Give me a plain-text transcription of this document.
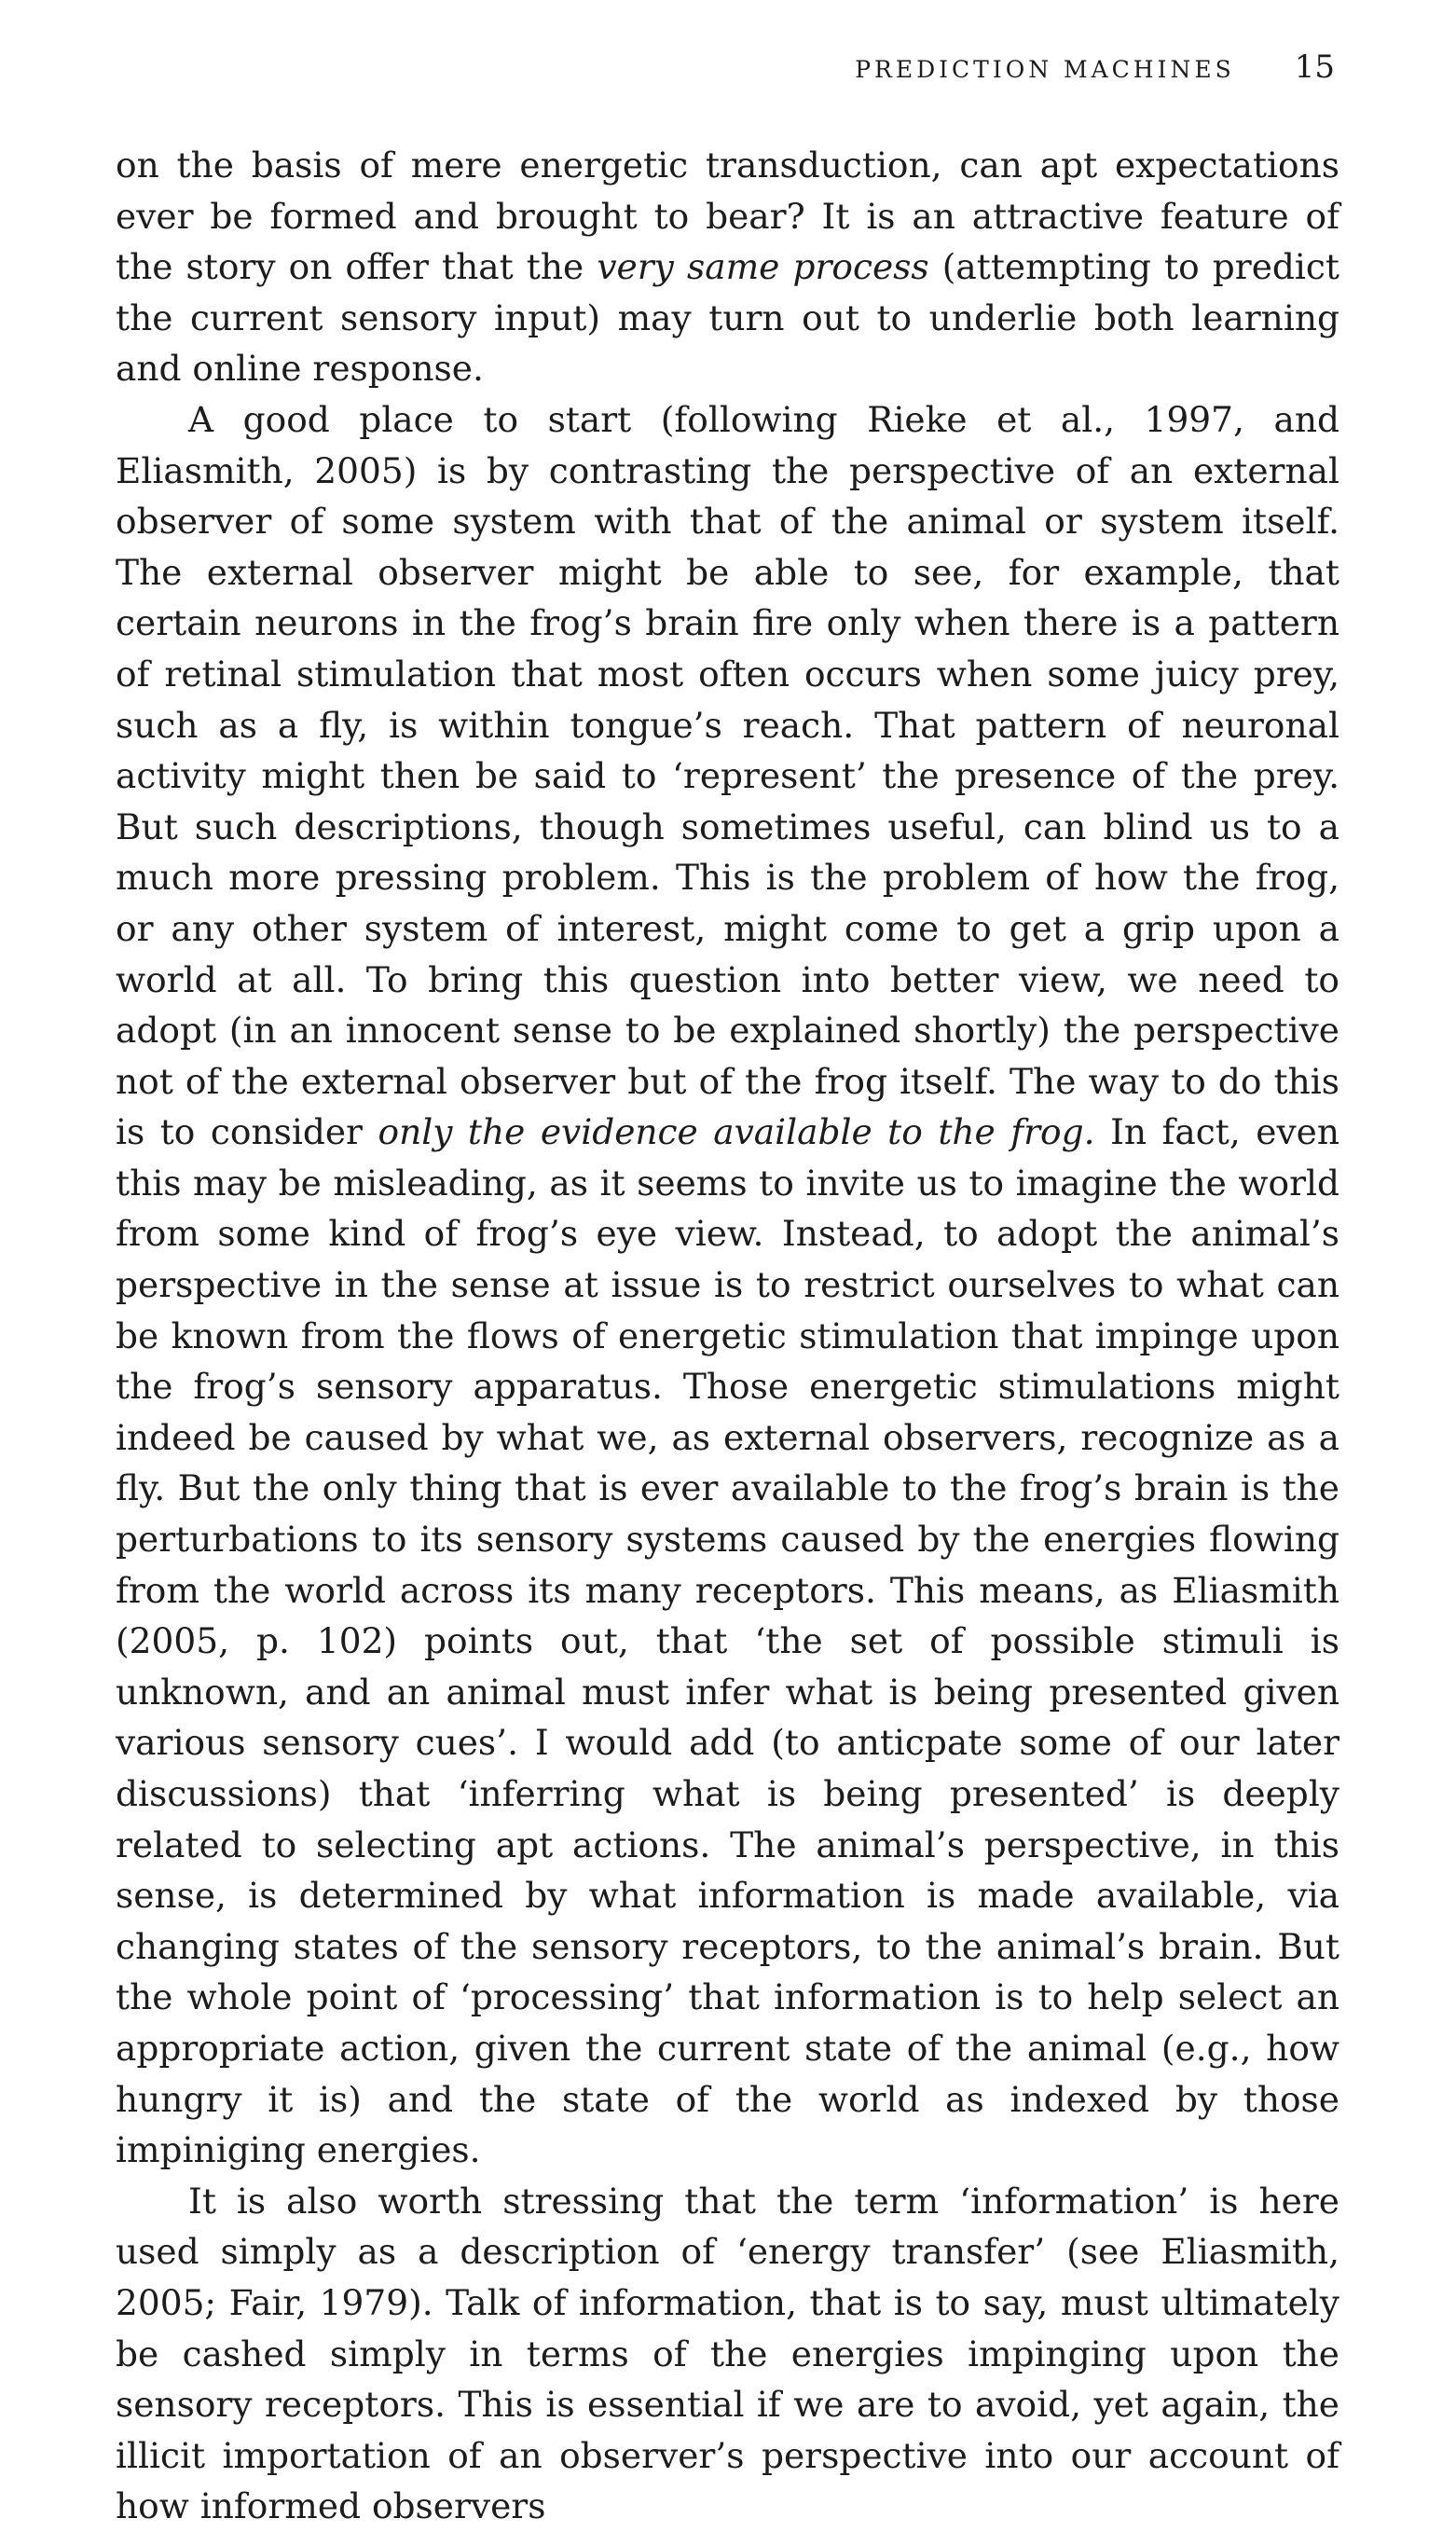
PREDICTION MACHINES 15

on the basis of mere energetic transduction, can apt expectations ever be formed and brought to bear? It is an attractive feature of the story on offer that the very same process (attempting to predict the current sensory input) may turn out to underlie both learning and online response.

A good place to start (following Rieke et al., 1997, and Eliasmith, 2005) is by contrasting the perspective of an external observer of some system with that of the animal or system itself. The external observer might be able to see, for example, that certain neurons in the frog’s brain fire only when there is a pattern of retinal stimulation that most often occurs when some juicy prey, such as a fly, is within tongue’s reach. That pattern of neuronal activity might then be said to ‘represent’ the presence of the prey. But such descriptions, though sometimes useful, can blind us to a much more pressing problem. This is the problem of how the frog, or any other system of interest, might come to get a grip upon a world at all. To bring this question into better view, we need to adopt (in an innocent sense to be explained shortly) the perspective not of the external observer but of the frog itself. The way to do this is to consider only the evidence available to the frog. In fact, even this may be misleading, as it seems to invite us to imagine the world from some kind of frog’s eye view. Instead, to adopt the animal’s perspective in the sense at issue is to restrict ourselves to what can be known from the flows of energetic stimulation that impinge upon the frog’s sensory apparatus. Those energetic stimulations might indeed be caused by what we, as external observers, recognize as a fly. But the only thing that is ever available to the frog’s brain is the perturbations to its sensory systems caused by the energies flowing from the world across its many receptors. This means, as Eliasmith (2005, p. 102) points out, that ‘the set of possible stimuli is unknown, and an animal must infer what is being presented given various sensory cues’. I would add (to anticpate some of our later discussions) that ‘inferring what is being presented’ is deeply related to selecting apt actions. The animal’s perspective, in this sense, is determined by what information is made available, via changing states of the sensory receptors, to the animal’s brain. But the whole point of ‘processing’ that information is to help select an appropriate action, given the current state of the animal (e.g., how hungry it is) and the state of the world as indexed by those impiniging energies.

It is also worth stressing that the term ‘information’ is here used simply as a description of ‘energy transfer’ (see Eliasmith, 2005; Fair, 1979). Talk of information, that is to say, must ultimately be cashed simply in terms of the energies impinging upon the sensory receptors. This is essential if we are to avoid, yet again, the illicit importation of an observer’s perspective into our account of how informed observers
